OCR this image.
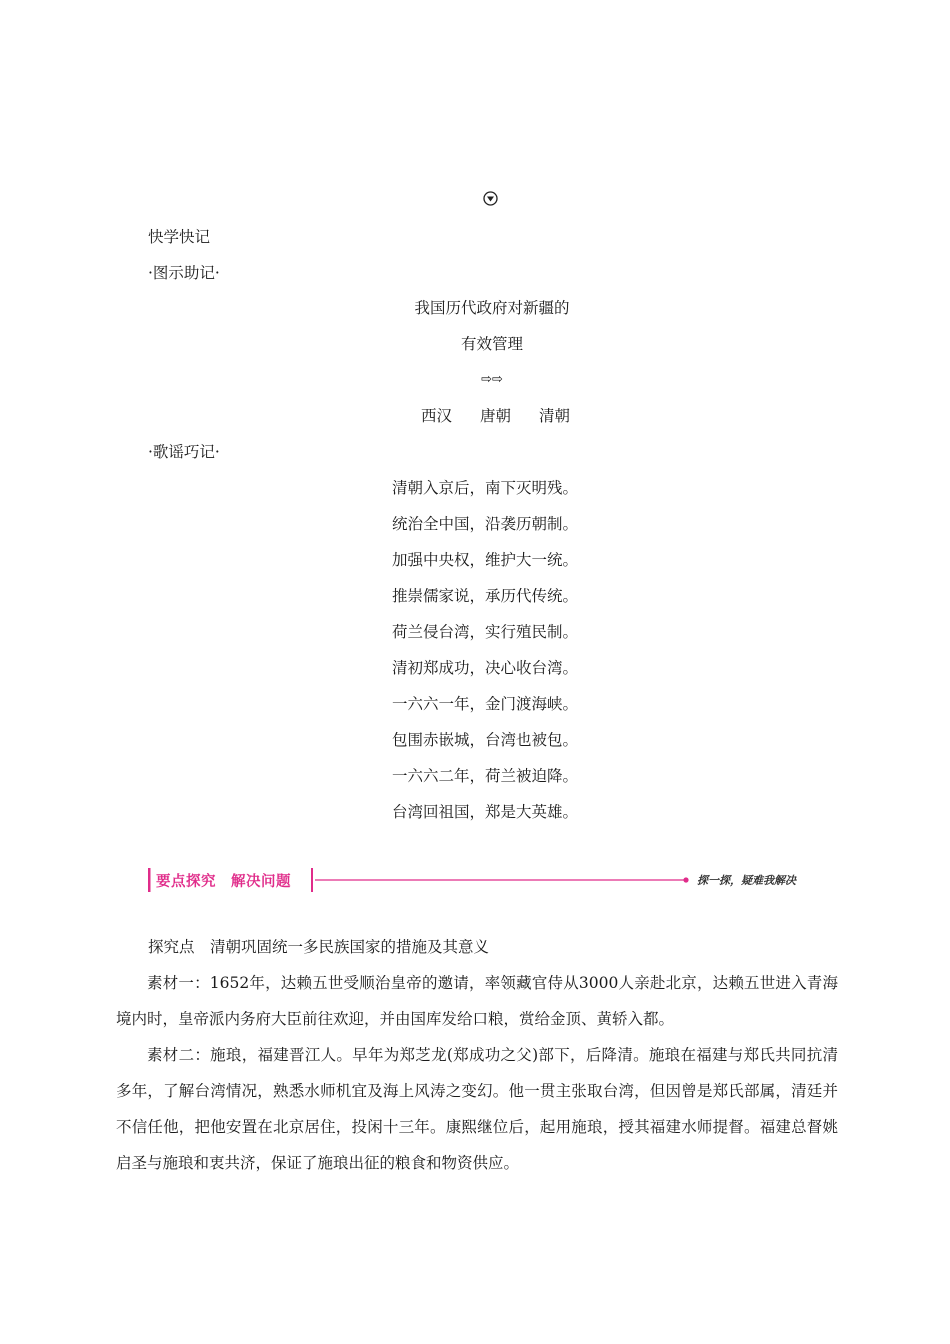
快学快记
·图示助记·
我国历代政府对新疆的
有效管理
⇨⇨
西汉 唐朝 清朝
·歌谣巧记·
清朝入京后，南下灭明残。
统治全中国，沿袭历朝制。
加强中央权，维护大一统。
推崇儒家说，承历代传统。
荷兰侵台湾，实行殖民制。
清初郑成功，决心收台湾。
一六六一年，金门渡海峡。
包围赤嵌城，台湾也被包。
一六六二年，荷兰被迫降。
台湾回祖国，郑是大英雄。
要点探究　解决问题	探一探，疑难我解决
探究点　清朝巩固统一多民族国家的措施及其意义

素材一：1652年，达赖五世受顺治皇帝的邀请，率领藏官侍从3000人亲赴北京，达赖五世进入青海境内时，皇帝派内务府大臣前往欢迎，并由国库发给口粮，赏给金顶、黄轿入都。

素材二：施琅，福建晋江人。早年为郑芝龙(郑成功之父)部下，后降清。施琅在福建与郑氏共同抗清多年，了解台湾情况，熟悉水师机宜及海上风涛之变幻。他一贯主张取台湾，但因曾是郑氏部属，清廷并不信任他，把他安置在北京居住，投闲十三年。康熙继位后，起用施琅，授其福建水师提督。福建总督姚启圣与施琅和衷共济，保证了施琅出征的粮食和物资供应。
